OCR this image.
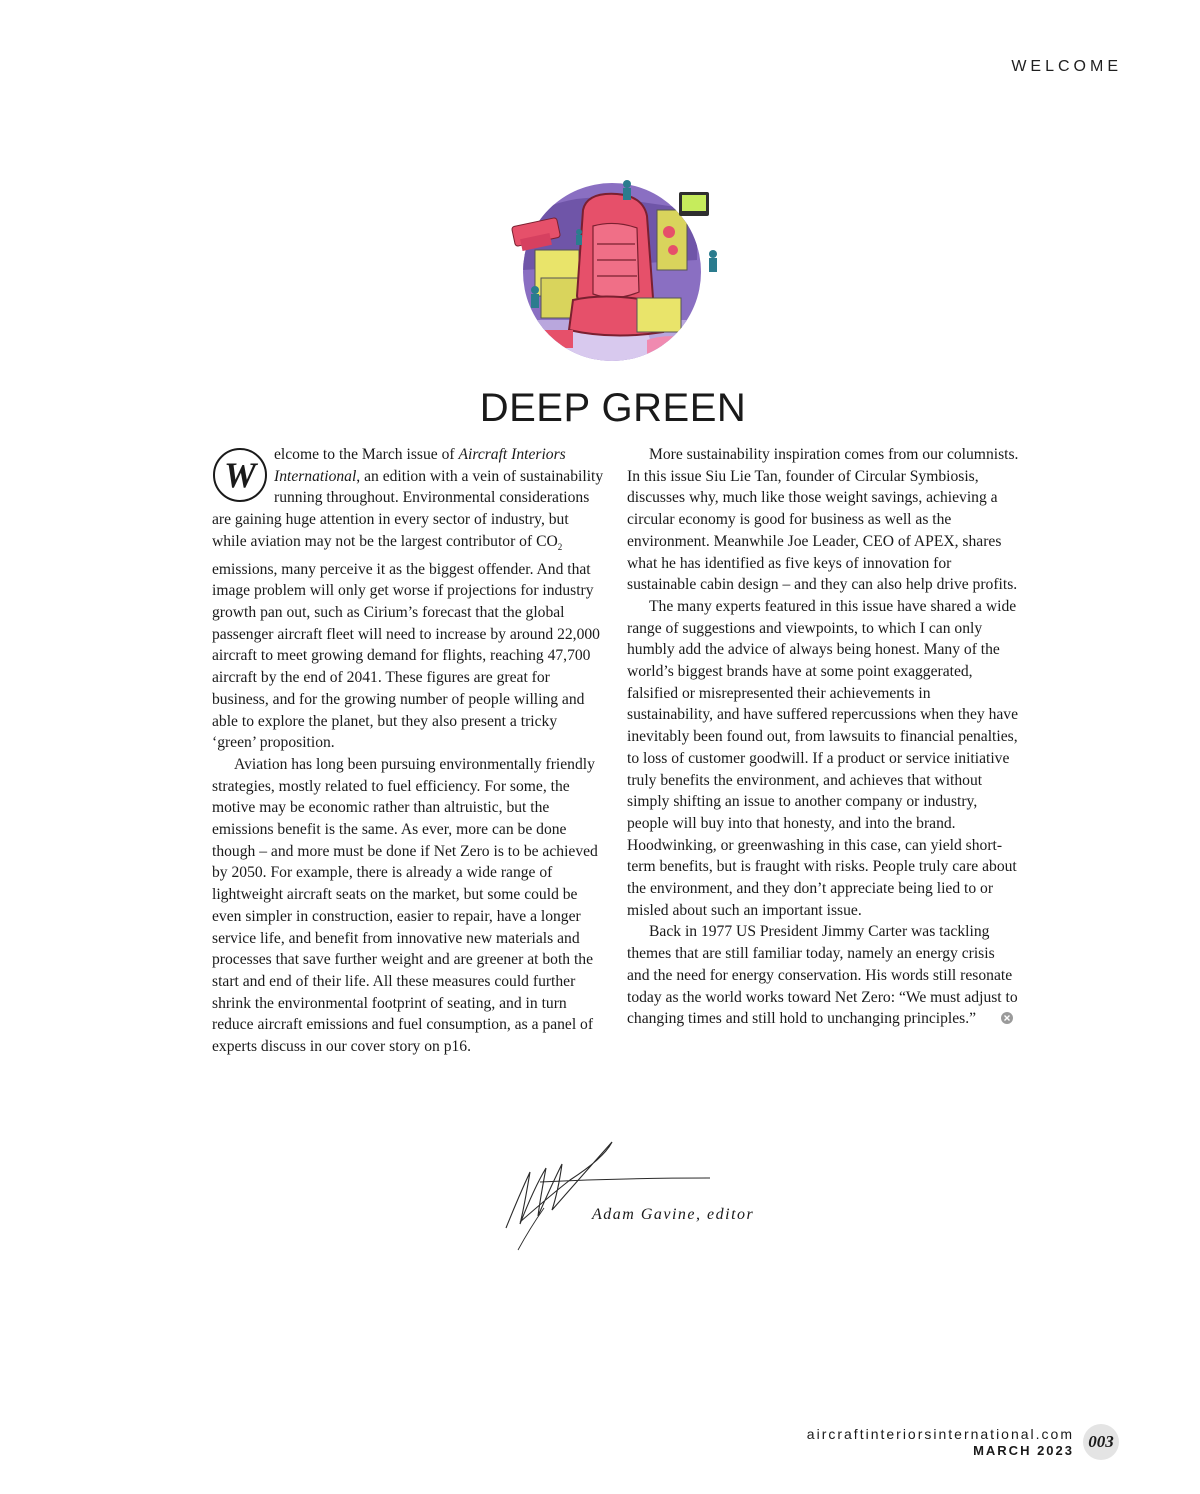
WELCOME
DEEP GREEN
W

elcome to the March issue of Aircraft Interiors International, an edition with a vein of sustainability running throughout. Environmental considerations are gaining huge attention in every sector of industry, but while aviation may not be the largest contributor of $CO_2$ emissions, many perceive it as the biggest offender. And that image problem will only get worse if projections for industry growth pan out, such as Cirium’s forecast that the global passenger aircraft fleet will need to increase by around 22,000 aircraft to meet growing demand for flights, reaching 47,700 aircraft by the end of 2041. These figures are great for business, and for the growing number of people willing and able to explore the planet, but they also present a tricky ‘green’ proposition.

Aviation has long been pursuing environmentally friendly strategies, mostly related to fuel efficiency. For some, the motive may be economic rather than altruistic, but the emissions benefit is the same. As ever, more can be done though – and more must be done if Net Zero is to be achieved by 2050. For example, there is already a wide range of lightweight aircraft seats on the market, but some could be even simpler in construction, easier to repair, have a longer service life, and benefit from innovative new materials and processes that save further weight and are greener at both the start and end of their life. All these measures could further shrink the environmental footprint of seating, and in turn reduce aircraft emissions and fuel consumption, as a panel of experts discuss in our cover story on p16.

More sustainability inspiration comes from our columnists. In this issue Siu Lie Tan, founder of Circular Symbiosis, discusses why, much like those weight savings, achieving a circular economy is good for business as well as the environment. Meanwhile Joe Leader, CEO of APEX, shares what he has identified as five keys of innovation for sustainable cabin design – and they can also help drive profits.

The many experts featured in this issue have shared a wide range of suggestions and viewpoints, to which I can only humbly add the advice of always being honest. Many of the world’s biggest brands have at some point exaggerated, falsified or misrepresented their achievements in sustainability, and have suffered repercussions when they have inevitably been found out, from lawsuits to financial penalties, to loss of customer goodwill. If a product or service initiative truly benefits the environment, and achieves that without simply shifting an issue to another company or industry, people will buy into that honesty, and into the brand. Hoodwinking, or greenwashing in this case, can yield short-term benefits, but is fraught with risks. People truly care about the environment, and they don’t appreciate being lied to or misled about such an important issue.

Back in 1977 US President Jimmy Carter was tackling themes that are still familiar today, namely an energy crisis and the need for energy conservation. His words still resonate today as the world works toward Net Zero: “We must adjust to changing times and still hold to unchanging principles.”

Adam Gavine, editor
aircraftinteriorsinternational.com
MARCH 2023 003
